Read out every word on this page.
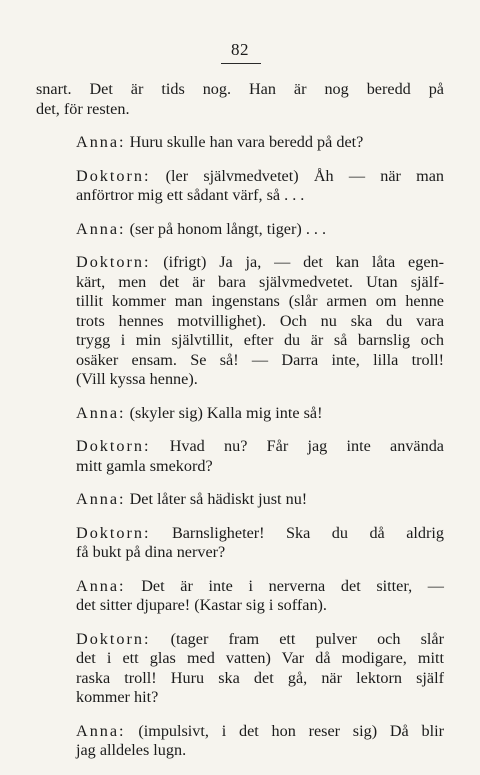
82

snart. Det är tids nog. Han är nog beredd på
det, för resten.

Anna: Huru skulle han vara beredd på det?

Doktorn: (ler självmedvetet) Åh — när man
anförtror mig ett sådant värf, så . . .

Anna: (ser på honom långt, tiger) . . .

Doktorn: (ifrigt) Ja ja, — det kan låta egen-
kärt, men det är bara självmedvetet. Utan själf-
tillit kommer man ingenstans (slår armen om henne
trots hennes motvillighet). Och nu ska du vara
trygg i min självtillit, efter du är så barnslig och
osäker ensam. Se så! — Darra inte, lilla troll!
(Vill kyssa henne).

Anna: (skyler sig) Kalla mig inte så!

Doktorn: Hvad nu? Får jag inte använda
mitt gamla smekord?

Anna: Det låter så hädiskt just nu!

Doktorn: Barnsligheter! Ska du då aldrig
få bukt på dina nerver?

Anna: Det är inte i nerverna det sitter, —
det sitter djupare! (Kastar sig i soffan).

Doktorn: (tager fram ett pulver och slår
det i ett glas med vatten) Var då modigare, mitt
raska troll! Huru ska det gå, när lektorn själf
kommer hit?

Anna: (impulsivt, i det hon reser sig) Då blir
jag alldeles lugn.
